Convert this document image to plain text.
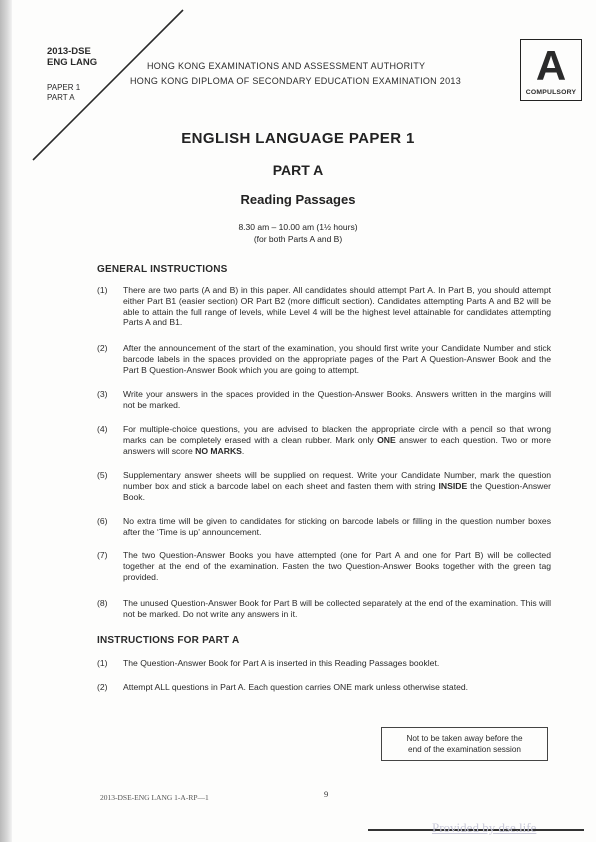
2013-DSE
ENG LANG
PAPER 1
PART A
HONG KONG EXAMINATIONS AND ASSESSMENT AUTHORITY
HONG KONG DIPLOMA OF SECONDARY EDUCATION EXAMINATION 2013	A
COMPULSORY
ENGLISH LANGUAGE PAPER 1
PART A
Reading Passages
8.30 am – 10.00 am (1½ hours)
(for both Parts A and B)
GENERAL INSTRUCTIONS
(1) There are two parts (A and B) in this paper. All candidates should attempt Part A. In Part B, you should attempt either Part B1 (easier section) OR Part B2 (more difficult section). Candidates attempting Parts A and B2 will be able to attain the full range of levels, while Level 4 will be the highest level attainable for candidates attempting Parts A and B1.
(2) After the announcement of the start of the examination, you should first write your Candidate Number and stick barcode labels in the spaces provided on the appropriate pages of the Part A Question-Answer Book and the Part B Question-Answer Book which you are going to attempt.
(3) Write your answers in the spaces provided in the Question-Answer Books. Answers written in the margins will not be marked.
(4) For multiple-choice questions, you are advised to blacken the appropriate circle with a pencil so that wrong marks can be completely erased with a clean rubber. Mark only ONE answer to each question. Two or more answers will score NO MARKS.
(5) Supplementary answer sheets will be supplied on request. Write your Candidate Number, mark the question number box and stick a barcode label on each sheet and fasten them with string INSIDE the Question-Answer Book.
(6) No extra time will be given to candidates for sticking on barcode labels or filling in the question number boxes after the ‘Time is up’ announcement.
(7) The two Question-Answer Books you have attempted (one for Part A and one for Part B) will be collected together at the end of the examination. Fasten the two Question-Answer Books together with the green tag provided.
(8) The unused Question-Answer Book for Part B will be collected separately at the end of the examination. This will not be marked. Do not write any answers in it.
INSTRUCTIONS FOR PART A
(1) The Question-Answer Book for Part A is inserted in this Reading Passages booklet.
(2) Attempt ALL questions in Part A. Each question carries ONE mark unless otherwise stated.
Not to be taken away before the
end of the examination session
2013-DSE-ENG LANG 1-A-RP—1	9
Provided by dse.life
